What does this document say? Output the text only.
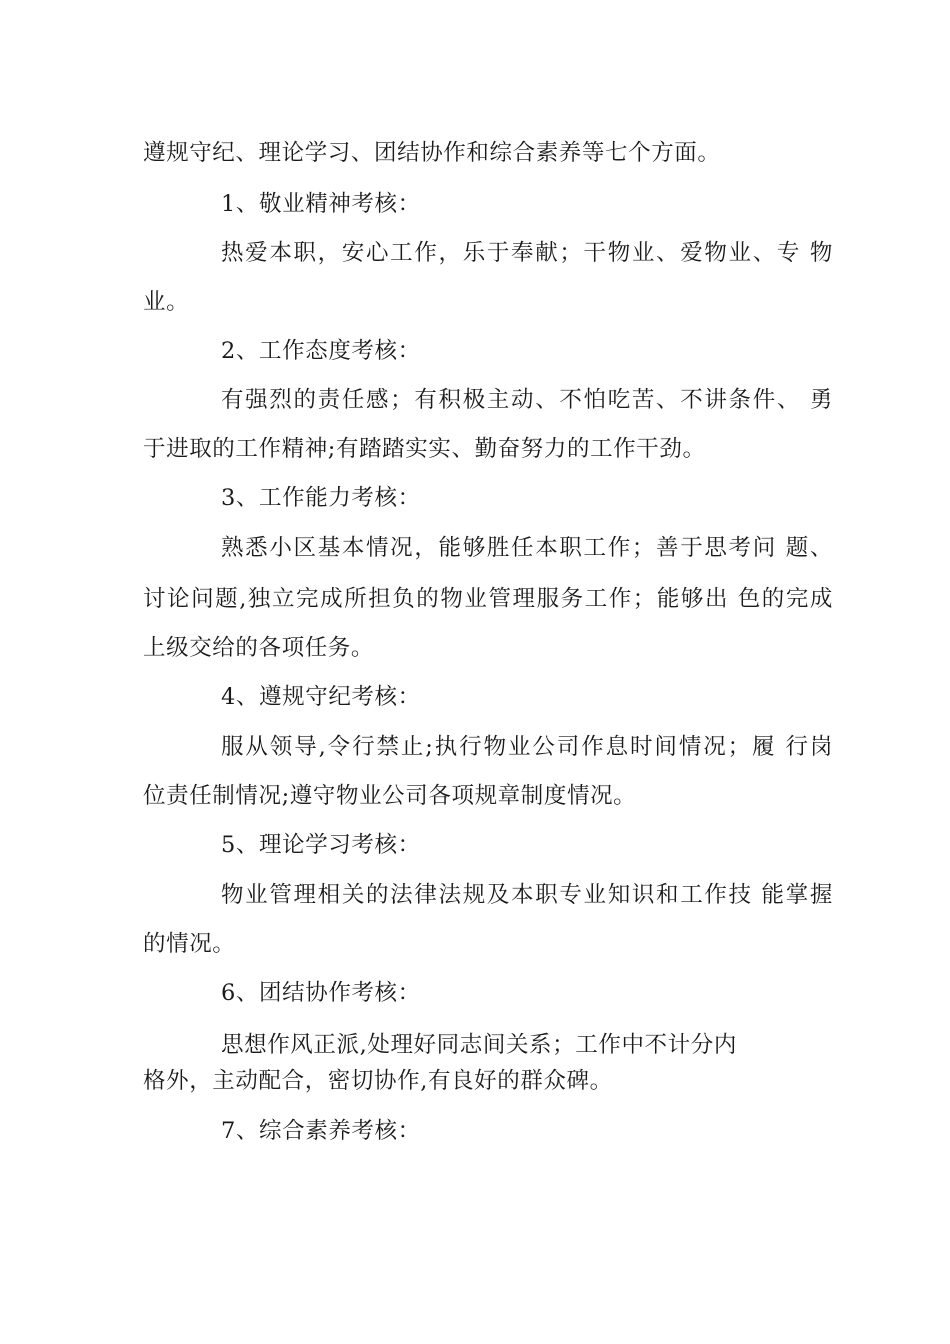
遵规守纪、理论学习、团结协作和综合素养等七个方面。
1、敬业精神考核：
热爱本职，安心工作，乐于奉献；干物业、爱物业、专 物
业。
2、工作态度考核：
有强烈的责任感；有积极主动、不怕吃苦、不讲条件、 勇
于进取的工作精神;有踏踏实实、勤奋努力的工作干劲。
3、工作能力考核：
熟悉小区基本情况，能够胜任本职工作；善于思考问 题、
讨论问题,独立完成所担负的物业管理服务工作；能够出 色的完成
上级交给的各项任务。
4、遵规守纪考核：
服从领导,令行禁止;执行物业公司作息时间情况；履 行岗
位责任制情况;遵守物业公司各项规章制度情况。
5、理论学习考核：
物业管理相关的法律法规及本职专业知识和工作技 能掌握
的情况。
6、团结协作考核：
思想作风正派,处理好同志间关系；工作中不计分内
格外，主动配合，密切协作,有良好的群众碑。
7、综合素养考核：
